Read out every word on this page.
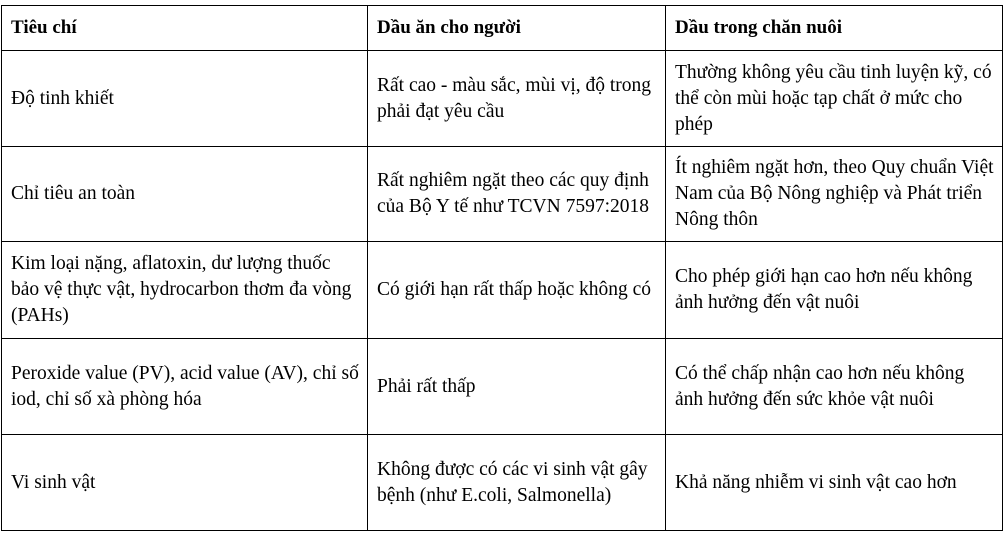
Tiêu chí	Dầu ăn cho người	Dầu trong chăn nuôi
Độ tinh khiết	Rất cao - màu sắc, mùi vị, độ trong phải đạt yêu cầu	Thường không yêu cầu tinh luyện kỹ, có thể còn mùi hoặc tạp chất ở mức cho phép
Chỉ tiêu an toàn	Rất nghiêm ngặt theo các quy định của Bộ Y tế như TCVN 7597:2018	Ít nghiêm ngặt hơn, theo Quy chuẩn Việt Nam của Bộ Nông nghiệp và Phát triển Nông thôn
Kim loại nặng, aflatoxin, dư lượng thuốc bảo vệ thực vật, hydrocarbon thơm đa vòng (PAHs)	Có giới hạn rất thấp hoặc không có	Cho phép giới hạn cao hơn nếu không ảnh hưởng đến vật nuôi
Peroxide value (PV), acid value (AV), chỉ số iod, chỉ số xà phòng hóa	Phải rất thấp	Có thể chấp nhận cao hơn nếu không ảnh hưởng đến sức khỏe vật nuôi
Vi sinh vật	Không được có các vi sinh vật gây bệnh (như E.coli, Salmonella)	Khả năng nhiễm vi sinh vật cao hơn
